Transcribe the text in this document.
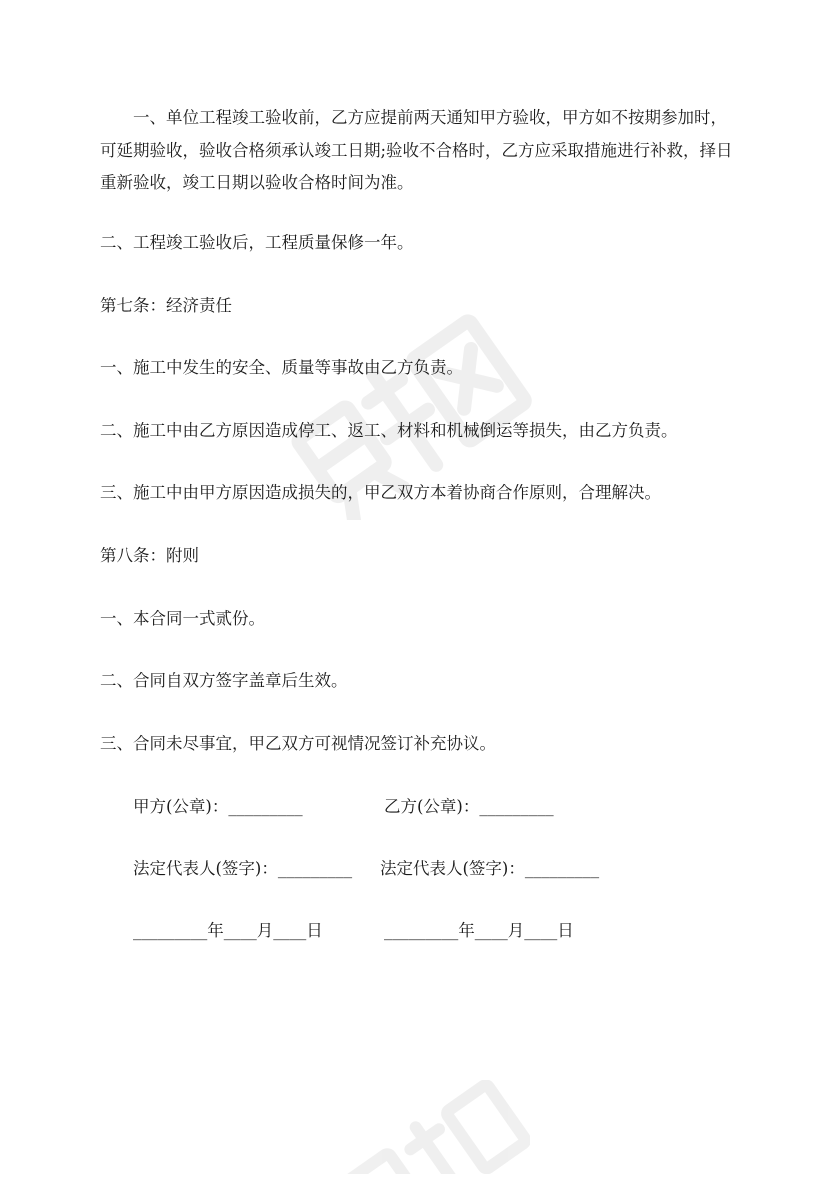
一、单位工程竣工验收前，乙方应提前两天通知甲方验收，甲方如不按期参加时，可延期验收，验收合格须承认竣工日期;验收不合格时，乙方应采取措施进行补救，择日重新验收，竣工日期以验收合格时间为准。

二、工程竣工验收后，工程质量保修一年。

第七条：经济责任

一、施工中发生的安全、质量等事故由乙方负责。

二、施工中由乙方原因造成停工、返工、材料和机械倒运等损失，由乙方负责。

三、施工中由甲方原因造成损失的，甲乙双方本着协商合作原则，合理解决。

第八条：附则

一、本合同一式贰份。

二、合同自双方签字盖章后生效。

三、合同未尽事宜，甲乙双方可视情况签订补充协议。

甲方(公章)：_________	乙方(公章)：_________
法定代表人(签字)：_________ 法定代表人(签字)：_________
_________年____月____日	_________年____月____日
